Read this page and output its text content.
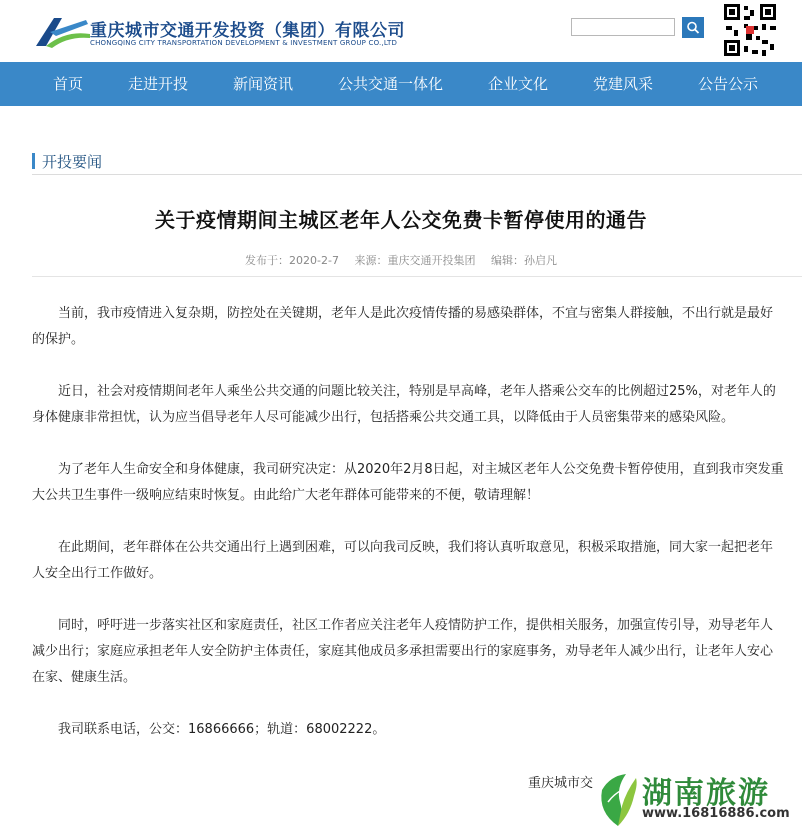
重庆城市交通开发投资（集团）有限公司
CHONGQING CITY TRANSPORTATION DEVELOPMENT & INVESTMENT GROUP CO.,LTD
首页	走进开投	新闻资讯	公共交通一体化	企业文化	党建风采	公告公示
开投要闻
关于疫情期间主城区老年人公交免费卡暂停使用的通告
发布于：2020-2-7 来源：重庆交通开投集团 编辑：孙启凡

当前，我市疫情进入复杂期，防控处在关键期，老年人是此次疫情传播的易感染群体，不宜与密集人群接触，不出行就是最好的保护。

近日，社会对疫情期间老年人乘坐公共交通的问题比较关注，特别是早高峰，老年人搭乘公交车的比例超过25%，对老年人的身体健康非常担忧，认为应当倡导老年人尽可能减少出行，包括搭乘公共交通工具，以降低由于人员密集带来的感染风险。

为了老年人生命安全和身体健康，我司研究决定：从2020年2月8日起，对主城区老年人公交免费卡暂停使用，直到我市突发重大公共卫生事件一级响应结束时恢复。由此给广大老年群体可能带来的不便，敬请理解！

在此期间，老年群体在公共交通出行上遇到困难，可以向我司反映，我们将认真听取意见，积极采取措施，同大家一起把老年人安全出行工作做好。

同时，呼吁进一步落实社区和家庭责任，社区工作者应关注老年人疫情防护工作，提供相关服务，加强宣传引导，劝导老年人减少出行；家庭应承担老年人安全防护主体责任，家庭其他成员多承担需要出行的家庭事务，劝导老年人减少出行，让老年人安心在家、健康生活。

我司联系电话，公交：16866666；轨道：68002222。

重庆城市交 湖南旅游
www.16816886.com
